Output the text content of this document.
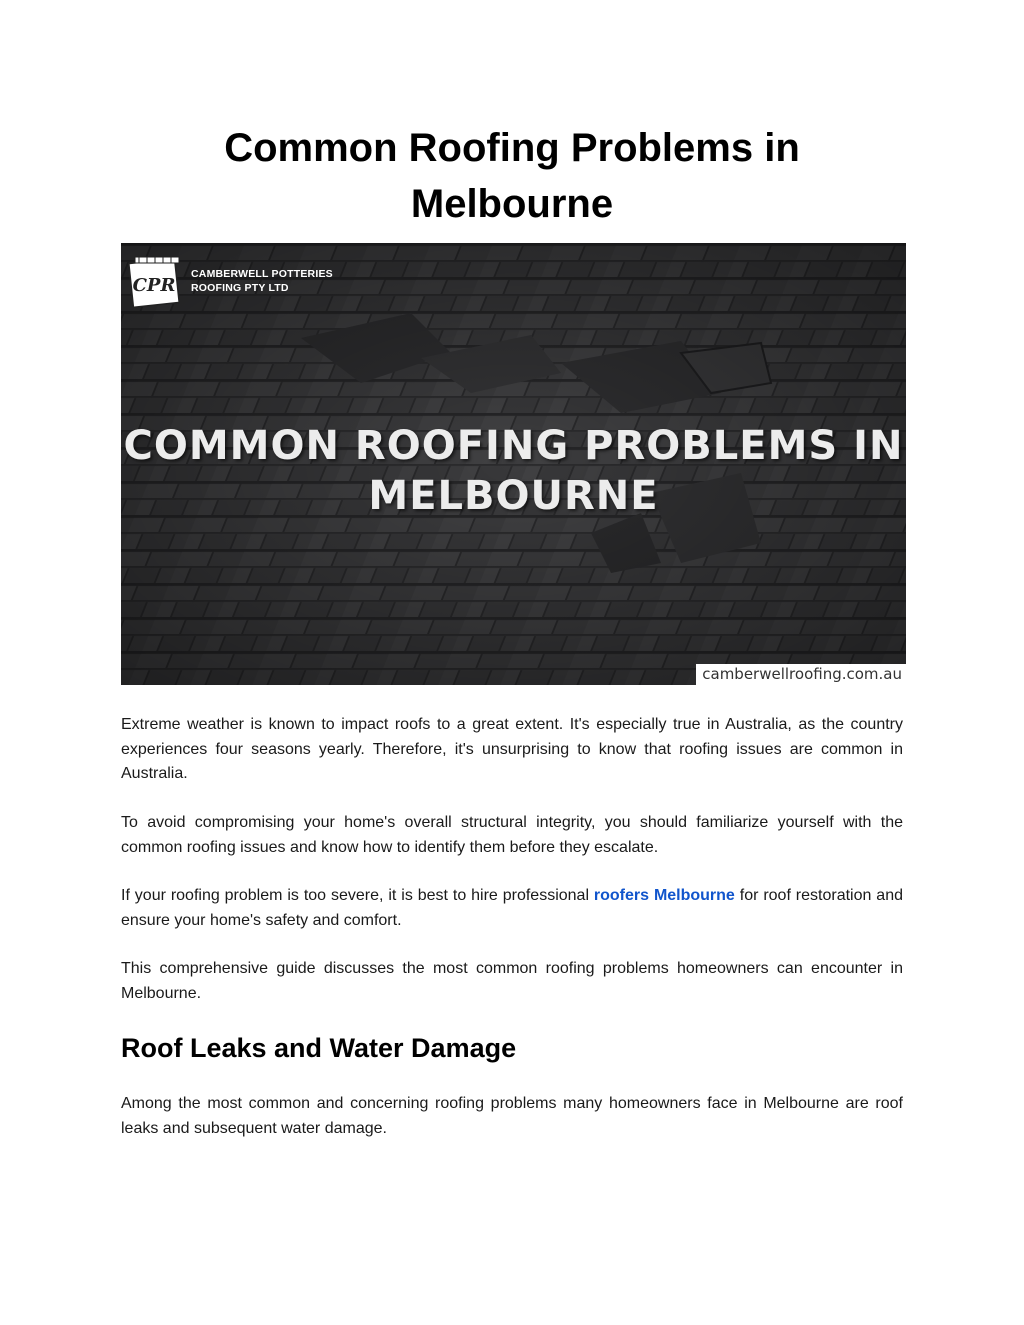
Common Roofing Problems in Melbourne
CPR
CAMBERWELL POTTERIES
ROOFING PTY LTD
COMMON ROOFING PROBLEMS IN
MELBOURNE
camberwellroofing.com.au

Extreme weather is known to impact roofs to a great extent. It's especially true in Australia, as the country experiences four seasons yearly. Therefore, it's unsurprising to know that roofing issues are common in Australia.

To avoid compromising your home's overall structural integrity, you should familiarize yourself with the common roofing issues and know how to identify them before they escalate.

If your roofing problem is too severe, it is best to hire professional roofers Melbourne for roof restoration and ensure your home's safety and comfort.

This comprehensive guide discusses the most common roofing problems homeowners can encounter in Melbourne.

Roof Leaks and Water Damage

Among the most common and concerning roofing problems many homeowners face in Melbourne are roof leaks and subsequent water damage.
